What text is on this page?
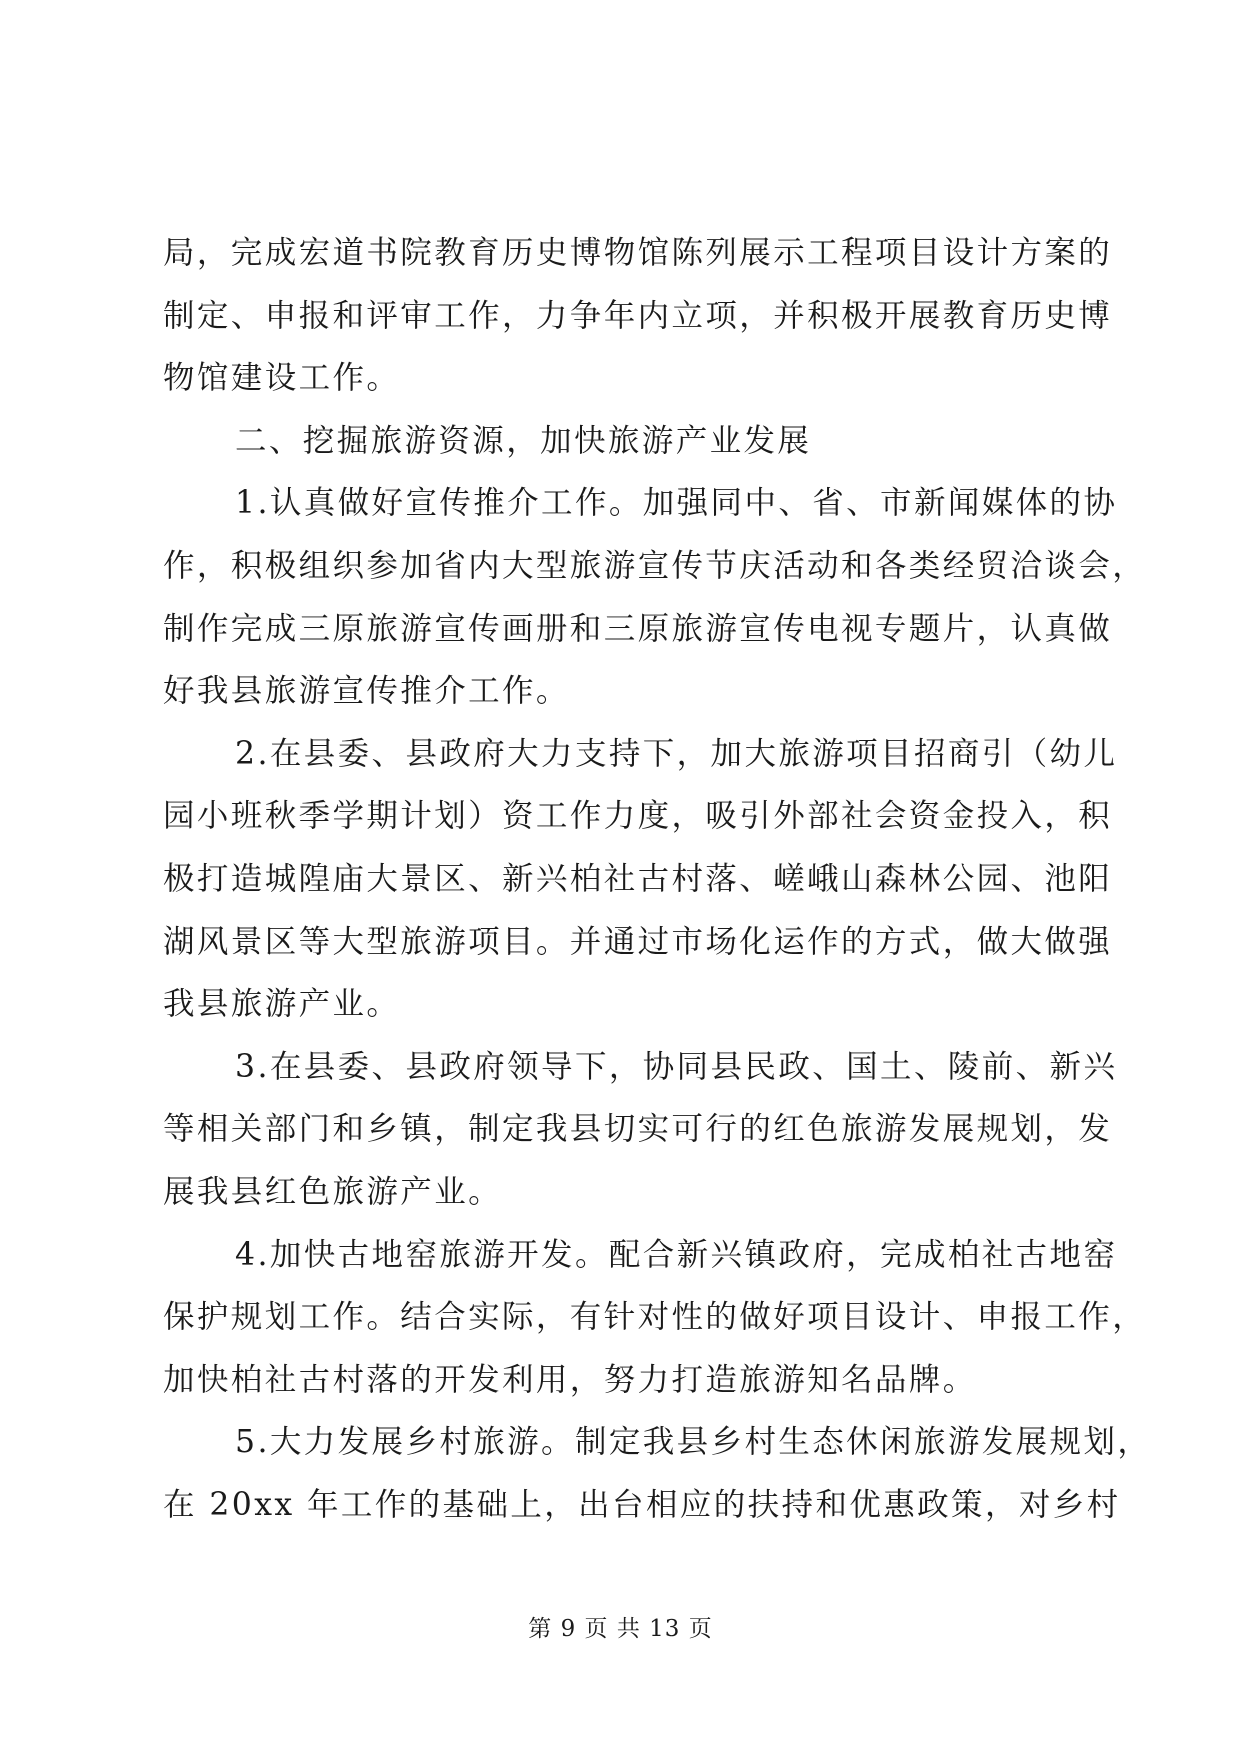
局，完成宏道书院教育历史博物馆陈列展示工程项目设计方案的
制定、申报和评审工作，力争年内立项，并积极开展教育历史博
物馆建设工作。
二、挖掘旅游资源，加快旅游产业发展
1.认真做好宣传推介工作。加强同中、省、市新闻媒体的协
作，积极组织参加省内大型旅游宣传节庆活动和各类经贸洽谈会，
制作完成三原旅游宣传画册和三原旅游宣传电视专题片，认真做
好我县旅游宣传推介工作。
2.在县委、县政府大力支持下，加大旅游项目招商引（幼儿
园小班秋季学期计划）资工作力度，吸引外部社会资金投入，积
极打造城隍庙大景区、新兴柏社古村落、嵯峨山森林公园、池阳
湖风景区等大型旅游项目。并通过市场化运作的方式，做大做强
我县旅游产业。
3.在县委、县政府领导下，协同县民政、国土、陵前、新兴
等相关部门和乡镇，制定我县切实可行的红色旅游发展规划，发
展我县红色旅游产业。
4.加快古地窑旅游开发。配合新兴镇政府，完成柏社古地窑
保护规划工作。结合实际，有针对性的做好项目设计、申报工作，
加快柏社古村落的开发利用，努力打造旅游知名品牌。
5.大力发展乡村旅游。制定我县乡村生态休闲旅游发展规划，
在 20xx 年工作的基础上，出台相应的扶持和优惠政策，对乡村
第 9 页 共 13 页
